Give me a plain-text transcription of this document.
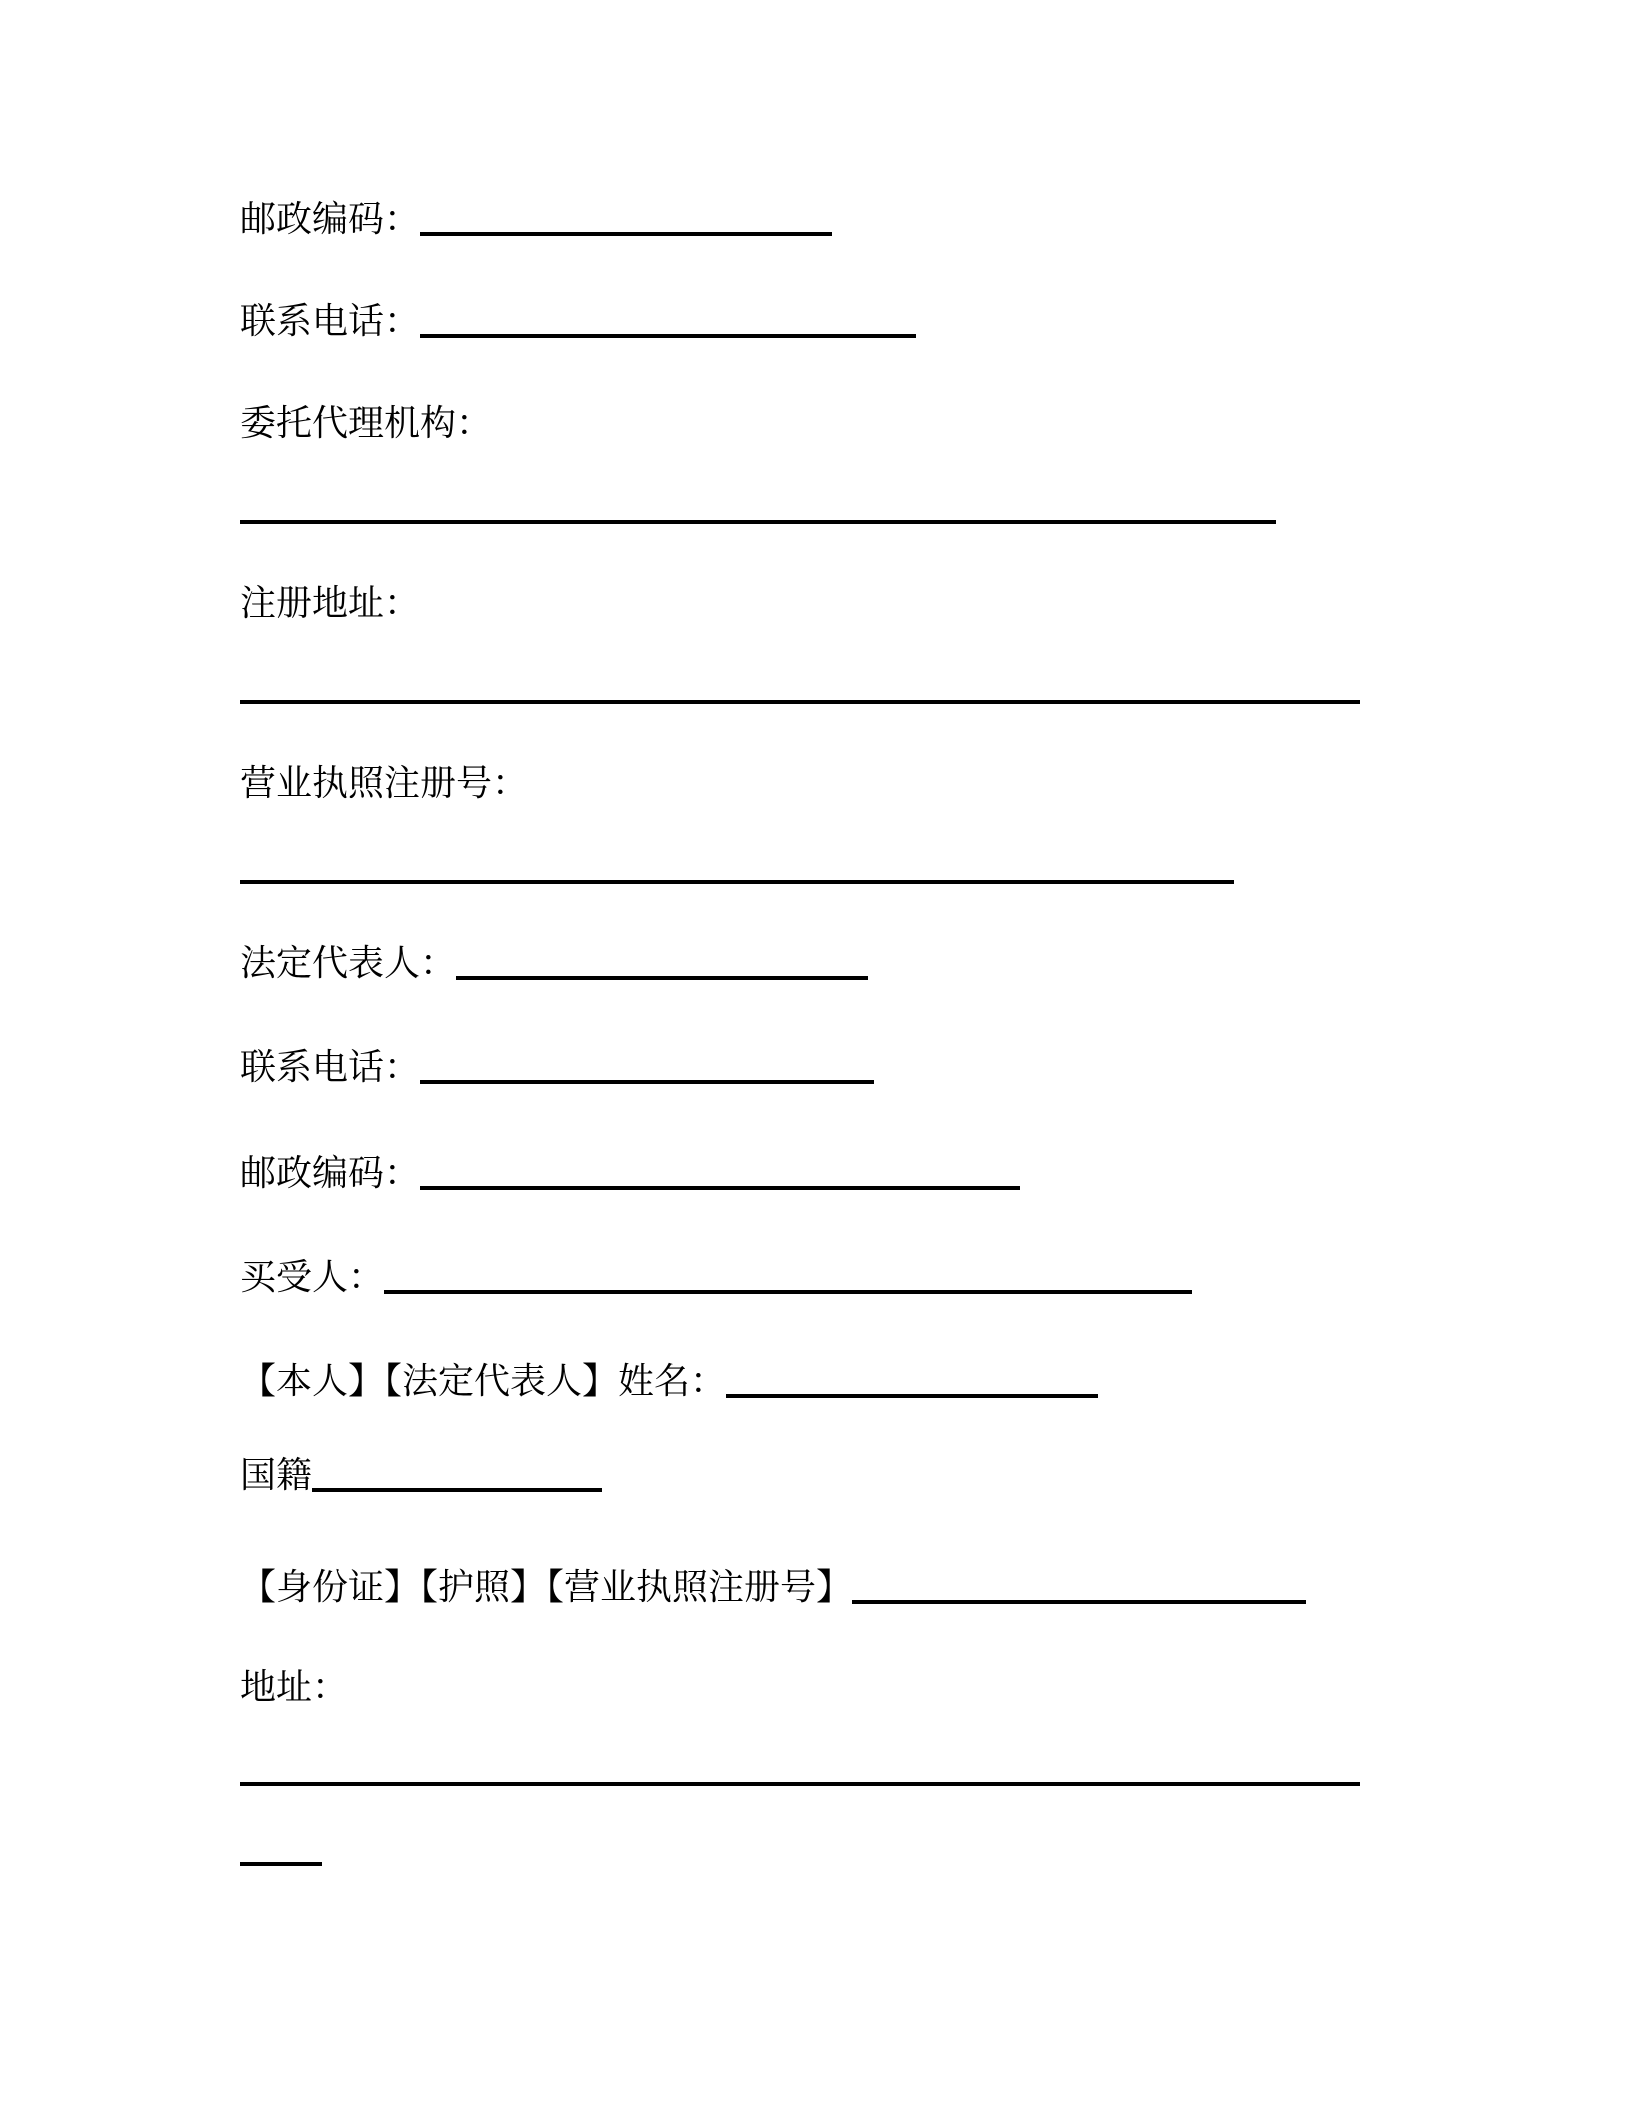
邮政编码：
联系电话：
委托代理机构：
注册地址：
营业执照注册号：
法定代表人：
联系电话：
邮政编码：
买受人：
【本人】【法定代表人】姓名：
国籍
【身份证】【护照】【营业执照注册号】
地址：
